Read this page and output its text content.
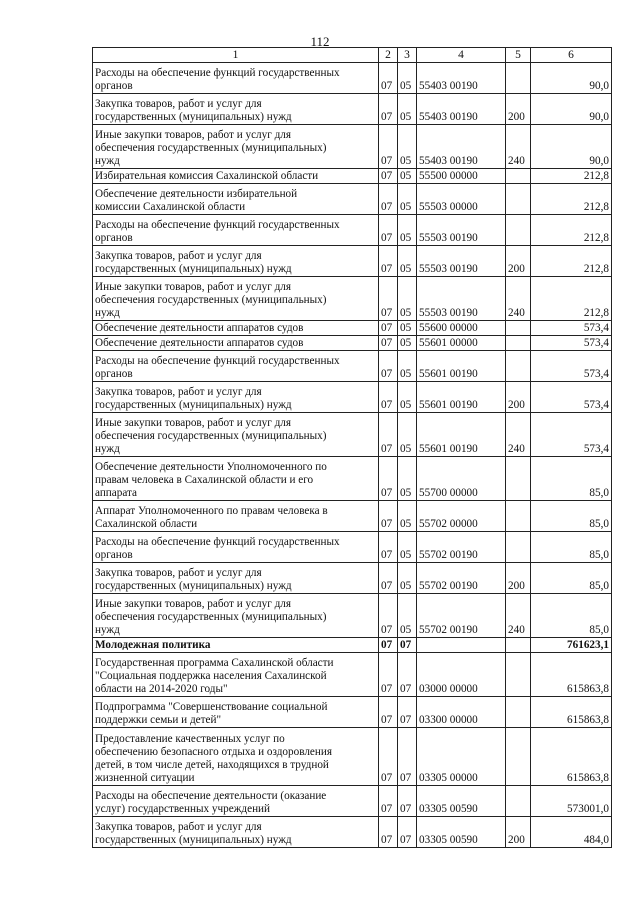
112
1	2	3	4	5	6
Расходы на обеспечение функций государственных
органов	07	05	55403 00190		90,0
Закупка товаров, работ и услуг для
государственных (муниципальных) нужд	07	05	55403 00190	200	90,0
Иные закупки товаров, работ и услуг для
обеспечения государственных (муниципальных)
нужд	07	05	55403 00190	240	90,0
Избирательная комиссия Сахалинской области	07	05	55500 00000		212,8
Обеспечение деятельности избирательной
комиссии Сахалинской области	07	05	55503 00000		212,8
Расходы на обеспечение функций государственных
органов	07	05	55503 00190		212,8
Закупка товаров, работ и услуг для
государственных (муниципальных) нужд	07	05	55503 00190	200	212,8
Иные закупки товаров, работ и услуг для
обеспечения государственных (муниципальных)
нужд	07	05	55503 00190	240	212,8
Обеспечение деятельности аппаратов судов	07	05	55600 00000		573,4
Обеспечение деятельности аппаратов судов	07	05	55601 00000		573,4
Расходы на обеспечение функций государственных
органов	07	05	55601 00190		573,4
Закупка товаров, работ и услуг для
государственных (муниципальных) нужд	07	05	55601 00190	200	573,4
Иные закупки товаров, работ и услуг для
обеспечения государственных (муниципальных)
нужд	07	05	55601 00190	240	573,4
Обеспечение деятельности Уполномоченного по
правам человека в Сахалинской области и его
аппарата	07	05	55700 00000		85,0
Аппарат Уполномоченного по правам человека в
Сахалинской области	07	05	55702 00000		85,0
Расходы на обеспечение функций государственных
органов	07	05	55702 00190		85,0
Закупка товаров, работ и услуг для
государственных (муниципальных) нужд	07	05	55702 00190	200	85,0
Иные закупки товаров, работ и услуг для
обеспечения государственных (муниципальных)
нужд	07	05	55702 00190	240	85,0
Молодежная политика	07	07			761623,1
Государственная программа Сахалинской области
"Социальная поддержка населения Сахалинской
области на 2014-2020 годы"	07	07	03000 00000		615863,8
Подпрограмма "Совершенствование социальной
поддержки семьи и детей"	07	07	03300 00000		615863,8
Предоставление качественных услуг по
обеспечению безопасного отдыха и оздоровления
детей, в том числе детей, находящихся в трудной
жизненной ситуации	07	07	03305 00000		615863,8
Расходы на обеспечение деятельности (оказание
услуг) государственных учреждений	07	07	03305 00590		573001,0
Закупка товаров, работ и услуг для
государственных (муниципальных) нужд	07	07	03305 00590	200	484,0
